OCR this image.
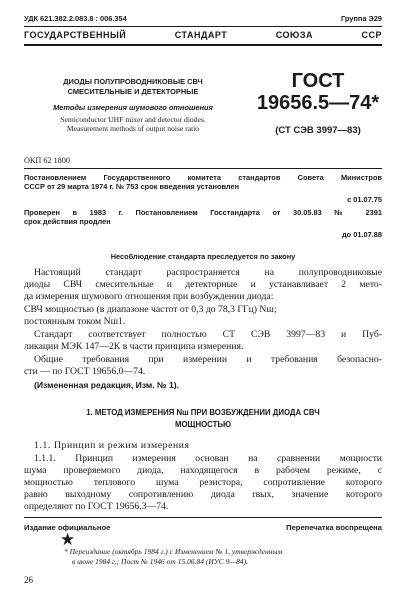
УДК 621.382.2.083.8 : 006.354	Группа Э29
ГОСУДАРСТВЕННЫЙ СТАНДАРТ СОЮЗА ССР
ДИОДЫ ПОЛУПРОВОДНИКОВЫЕ СВЧ
СМЕСИТЕЛЬНЫЕ И ДЕТЕКТОРНЫЕ
Методы измерения шумового отношения
Semiconductor UHF mixer and detector diodes.
Measurement methods of output noise ratio
ГОСТ
19656.5—74*
(СТ СЭВ 3997—83)
ОКП 62 1800
Постановлением Государственного комитета стандартов Совета Министров
СССР от 29 марта 1974 г. № 753 срок введения установлен
с 01.07.75
Проверен в 1983 г. Постановлением Госстандарта от 30.05.83 № 2391
срок действия продлен
до 01.07.88
Несоблюдение стандарта преследуется по закону
Настоящий стандарт распространяется на полупроводниковые
диоды СВЧ смесительные и детекторные и устанавливает 2 мето-
да измерения шумового отношения при возбуждении диода:
СВЧ мощностью (в диапазоне частот от 0,3 до 78,3 ГГц) Nш;
постоянным током Nш1.
Стандарт соответствует полностью СТ СЭВ 3997—83 и Пуб-
ликации МЭК 147—2К в части принципа измерения.
Общие требования при измерении и требования безопасно-
сти — по ГОСТ 19656.0—74.
(Измененная редакция, Изм. № 1).
1. МЕТОД ИЗМЕРЕНИЯ Nш ПРИ ВОЗБУЖДЕНИИ ДИОДА СВЧ
МОЩНОСТЬЮ
1.1. Принцип и режим измерения
1.1.1. Принцип измерения основан на сравнении мощности
шума проверяемого диода, находящегося в рабочем режиме, с
мощностью теплового шума резистора, сопротивление которого
равно выходному сопротивлению диода rвых, значение которого
определяют по ГОСТ 19656.3—74.
Издание официальное	Перепечатка воспрещена
★
* Переиздание (октябрь 1984 г.) с Изменением № 1, утвержденным
в июне 1984 г.; Пост № 1946 от 15.06.84 (ИУС 9—84).
26
